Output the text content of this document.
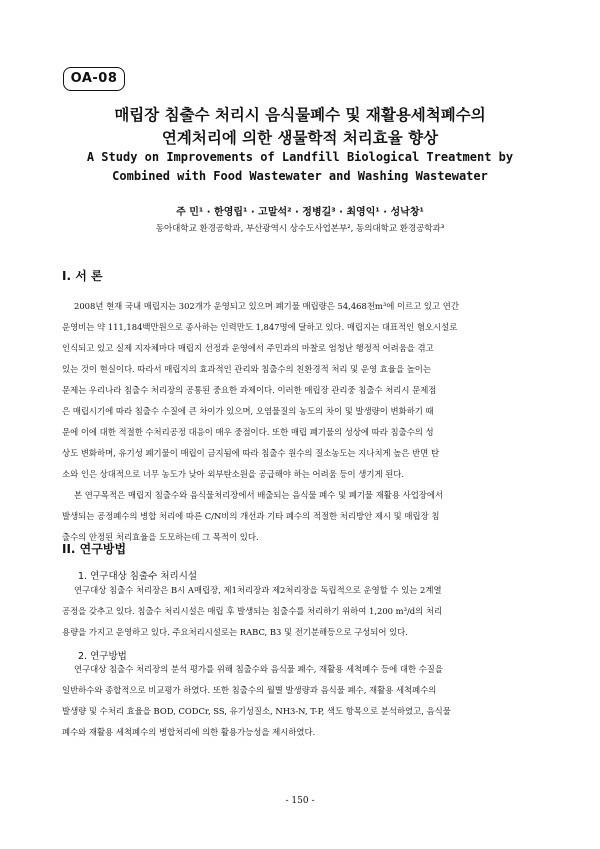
OA-08
매립장 침출수 처리시 음식물폐수 및 재활용세척폐수의
연계처리에 의한 생물학적 처리효율 향상
A Study on Improvements of Landfill Biological Treatment by
Combined with Food Wastewater and Washing Wastewater
주 민¹ · 한영립¹ · 고말석² · 정병길³ · 최영익¹ · 성낙창¹
동아대학교 환경공학과, 부산광역시 상수도사업본부², 동의대학교 환경공학과³
I. 서 론
2008년 현재 국내 매립지는 302개가 운영되고 있으며 폐기물 매립량은 54,468천m³에 이르고 있고 연간
운영비는 약 111,184백만원으로 종사하는 인력만도 1,847명에 달하고 있다. 매립지는 대표적인 혐오시설로
인식되고 있고 실제 지자체마다 매립지 선정과 운영에서 주민과의 마찰로 엄청난 행정적 어려움을 겪고
있는 것이 현실이다. 따라서 매립지의 효과적인 관리와 침출수의 친환경적 처리 및 운영 효율을 높이는
문제는 우리나라 침출수 처리장의 공통된 중요한 과제이다. 이러한 매립장 관리중 침출수 처리시 문제점
은 매립시기에 따라 침출수 수질에 큰 차이가 있으며, 오염물질의 농도의 차이 및 발생량이 변화하기 때
문에 이에 대한 적절한 수처리공정 대응이 매우 중점이다. 또한 매립 폐기물의 성상에 따라 침출수의 성
상도 변화하며, 유기성 폐기물이 매립이 금지됨에 따라 침출수 원수의 질소농도는 지나치게 높은 반면 탄
소와 인은 상대적으로 너무 농도가 낮아 외부탄소원을 공급해야 하는 어려움 등이 생기게 된다.
본 연구목적은 매립지 침출수와 음식물처리장에서 배출되는 음식물 폐수 및 폐기물 재활용 사업장에서
발생되는 공정폐수의 병합 처리에 따른 C/N비의 개선과 기타 폐수의 적절한 처리방안 제시 및 매립장 침
출수의 안정된 처리효율을 도모하는데 그 목적이 있다.
II. 연구방법
1. 연구대상 침출수 처리시설
연구대상 침출수 처리장은 B시 A매립장, 제1처리장과 제2처리장을 독립적으로 운영할 수 있는 2계열
공정을 갖추고 있다. 침출수 처리시설은 매립 후 발생되는 침출수를 처리하기 위하여 1,200 m³/d의 처리
용량을 가지고 운영하고 있다. 주요처리시설로는 RABC, B3 및 전기분해등으로 구성되어 있다.
2. 연구방법
연구대상 침출수 처리장의 분석 평가를 위해 침출수와 음식물 폐수, 재활용 세척폐수 등에 대한 수질을
일반하수와 종합적으로 비교평가 하였다. 또한 침출수의 월별 발생량과 음식물 폐수, 재활용 세척폐수의
발생량 및 수처리 효율을 BOD, CODCr, SS, 유기성질소, NH3-N, T-P, 색도 항목으로 분석하였고, 음식물
폐수와 재활용 세척폐수의 병합처리에 의한 활용가능성을 제시하였다.
- 150 -
